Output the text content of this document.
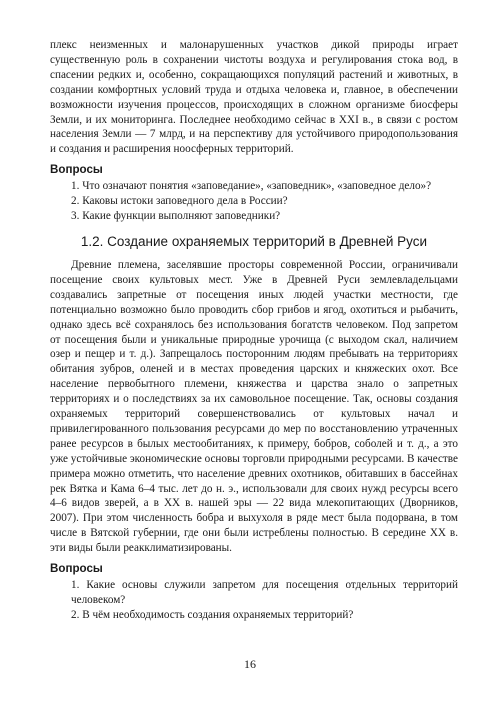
плекс неизменных и малонарушенных участков дикой природы играет существенную роль в сохранении чистоты воздуха и регулирования стока вод, в спасении редких и, особенно, сокращающихся популяций растений и животных, в создании комфортных условий труда и отдыха человека и, главное, в обеспечении возможности изучения процессов, происходящих в сложном организме биосферы Земли, и их мониторинга. Последнее необходимо сейчас в XXI в., в связи с ростом населения Земли — 7 млрд, и на перспективу для устойчивого природопользования и создания и расширения ноосферных территорий.

Вопросы

1. Что означают понятия «заповедание», «заповедник», «заповедное дело»?

2. Каковы истоки заповедного дела в России?

3. Какие функции выполняют заповедники?

1.2. Создание охраняемых территорий в Древней Руси

Древние племена, заселявшие просторы современной России, ограничивали посещение своих культовых мест. Уже в Древней Руси землевладельцами создавались запретные от посещения иных людей участки местности, где потенциально возможно было проводить сбор грибов и ягод, охотиться и рыбачить, однако здесь всё сохранялось без использования богатств человеком. Под запретом от посещения были и уникальные природные урочища (с выходом скал, наличием озер и пещер и т. д.). Запрещалось посторонним людям пребывать на территориях обитания зубров, оленей и в местах проведения царских и княжеских охот. Все население первобытного племени, княжества и царства знало о запретных территориях и о последствиях за их самовольное посещение. Так, основы создания охраняемых территорий совершенствовались от культовых начал и привилегированного пользования ресурсами до мер по восстановлению утраченных ранее ресурсов в былых местообитаниях, к примеру, бобров, соболей и т. д., а это уже устойчивые экономические основы торговли природными ресурсами. В качестве примера можно отметить, что население древних охотников, обитавших в бассейнах рек Вятка и Кама 6–4 тыс. лет до н. э., использовали для своих нужд ресурсы всего 4–6 видов зверей, а в XX в. нашей эры — 22 вида млекопитающих (Дворников, 2007). При этом численность бобра и выхухоля в ряде мест была подорвана, в том числе в Вятской губернии, где они были истреблены полностью. В середине XX в. эти виды были реакклиматизированы.

Вопросы

1. Какие основы служили запретом для посещения отдельных территорий человеком?

2. В чём необходимость создания охраняемых территорий?

16
